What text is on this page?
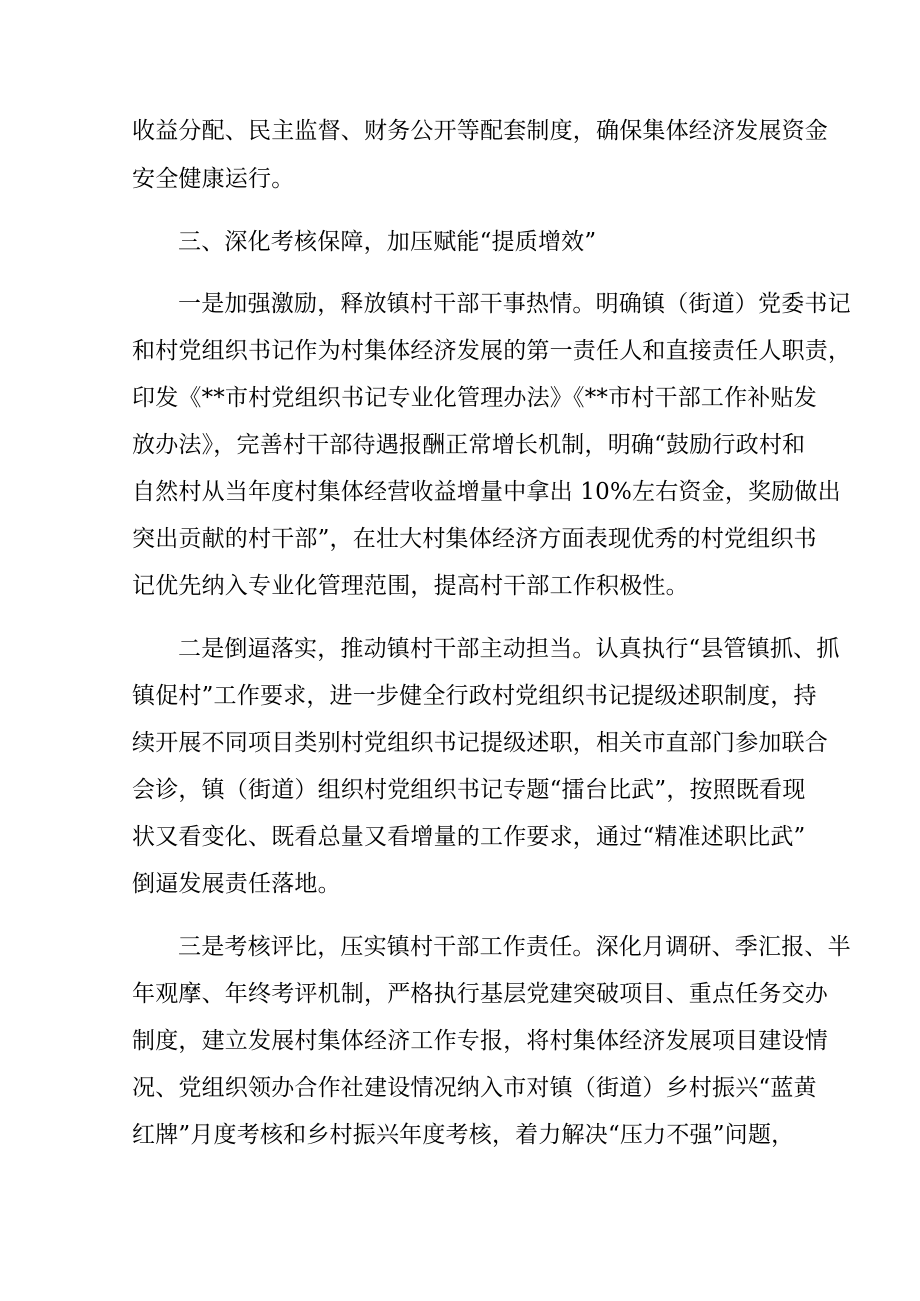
收益分配、民主监督、财务公开等配套制度，确保集体经济发展资金
安全健康运行。
三、深化考核保障，加压赋能“提质增效”
一是加强激励，释放镇村干部干事热情。明确镇（街道）党委书记
和村党组织书记作为村集体经济发展的第一责任人和直接责任人职责，
印发《**市村党组织书记专业化管理办法》《**市村干部工作补贴发
放办法》，完善村干部待遇报酬正常增长机制，明确“鼓励行政村和
自然村从当年度村集体经营收益增量中拿出 10%左右资金，奖励做出
突出贡献的村干部”，在壮大村集体经济方面表现优秀的村党组织书
记优先纳入专业化管理范围，提高村干部工作积极性。
二是倒逼落实，推动镇村干部主动担当。认真执行“县管镇抓、抓
镇促村”工作要求，进一步健全行政村党组织书记提级述职制度，持
续开展不同项目类别村党组织书记提级述职，相关市直部门参加联合
会诊，镇（街道）组织村党组织书记专题“擂台比武”，按照既看现
状又看变化、既看总量又看增量的工作要求，通过“精准述职比武”
倒逼发展责任落地。
三是考核评比，压实镇村干部工作责任。深化月调研、季汇报、半
年观摩、年终考评机制，严格执行基层党建突破项目、重点任务交办
制度，建立发展村集体经济工作专报，将村集体经济发展项目建设情
况、党组织领办合作社建设情况纳入市对镇（街道）乡村振兴“蓝黄
红牌”月度考核和乡村振兴年度考核，着力解决“压力不强”问题，
